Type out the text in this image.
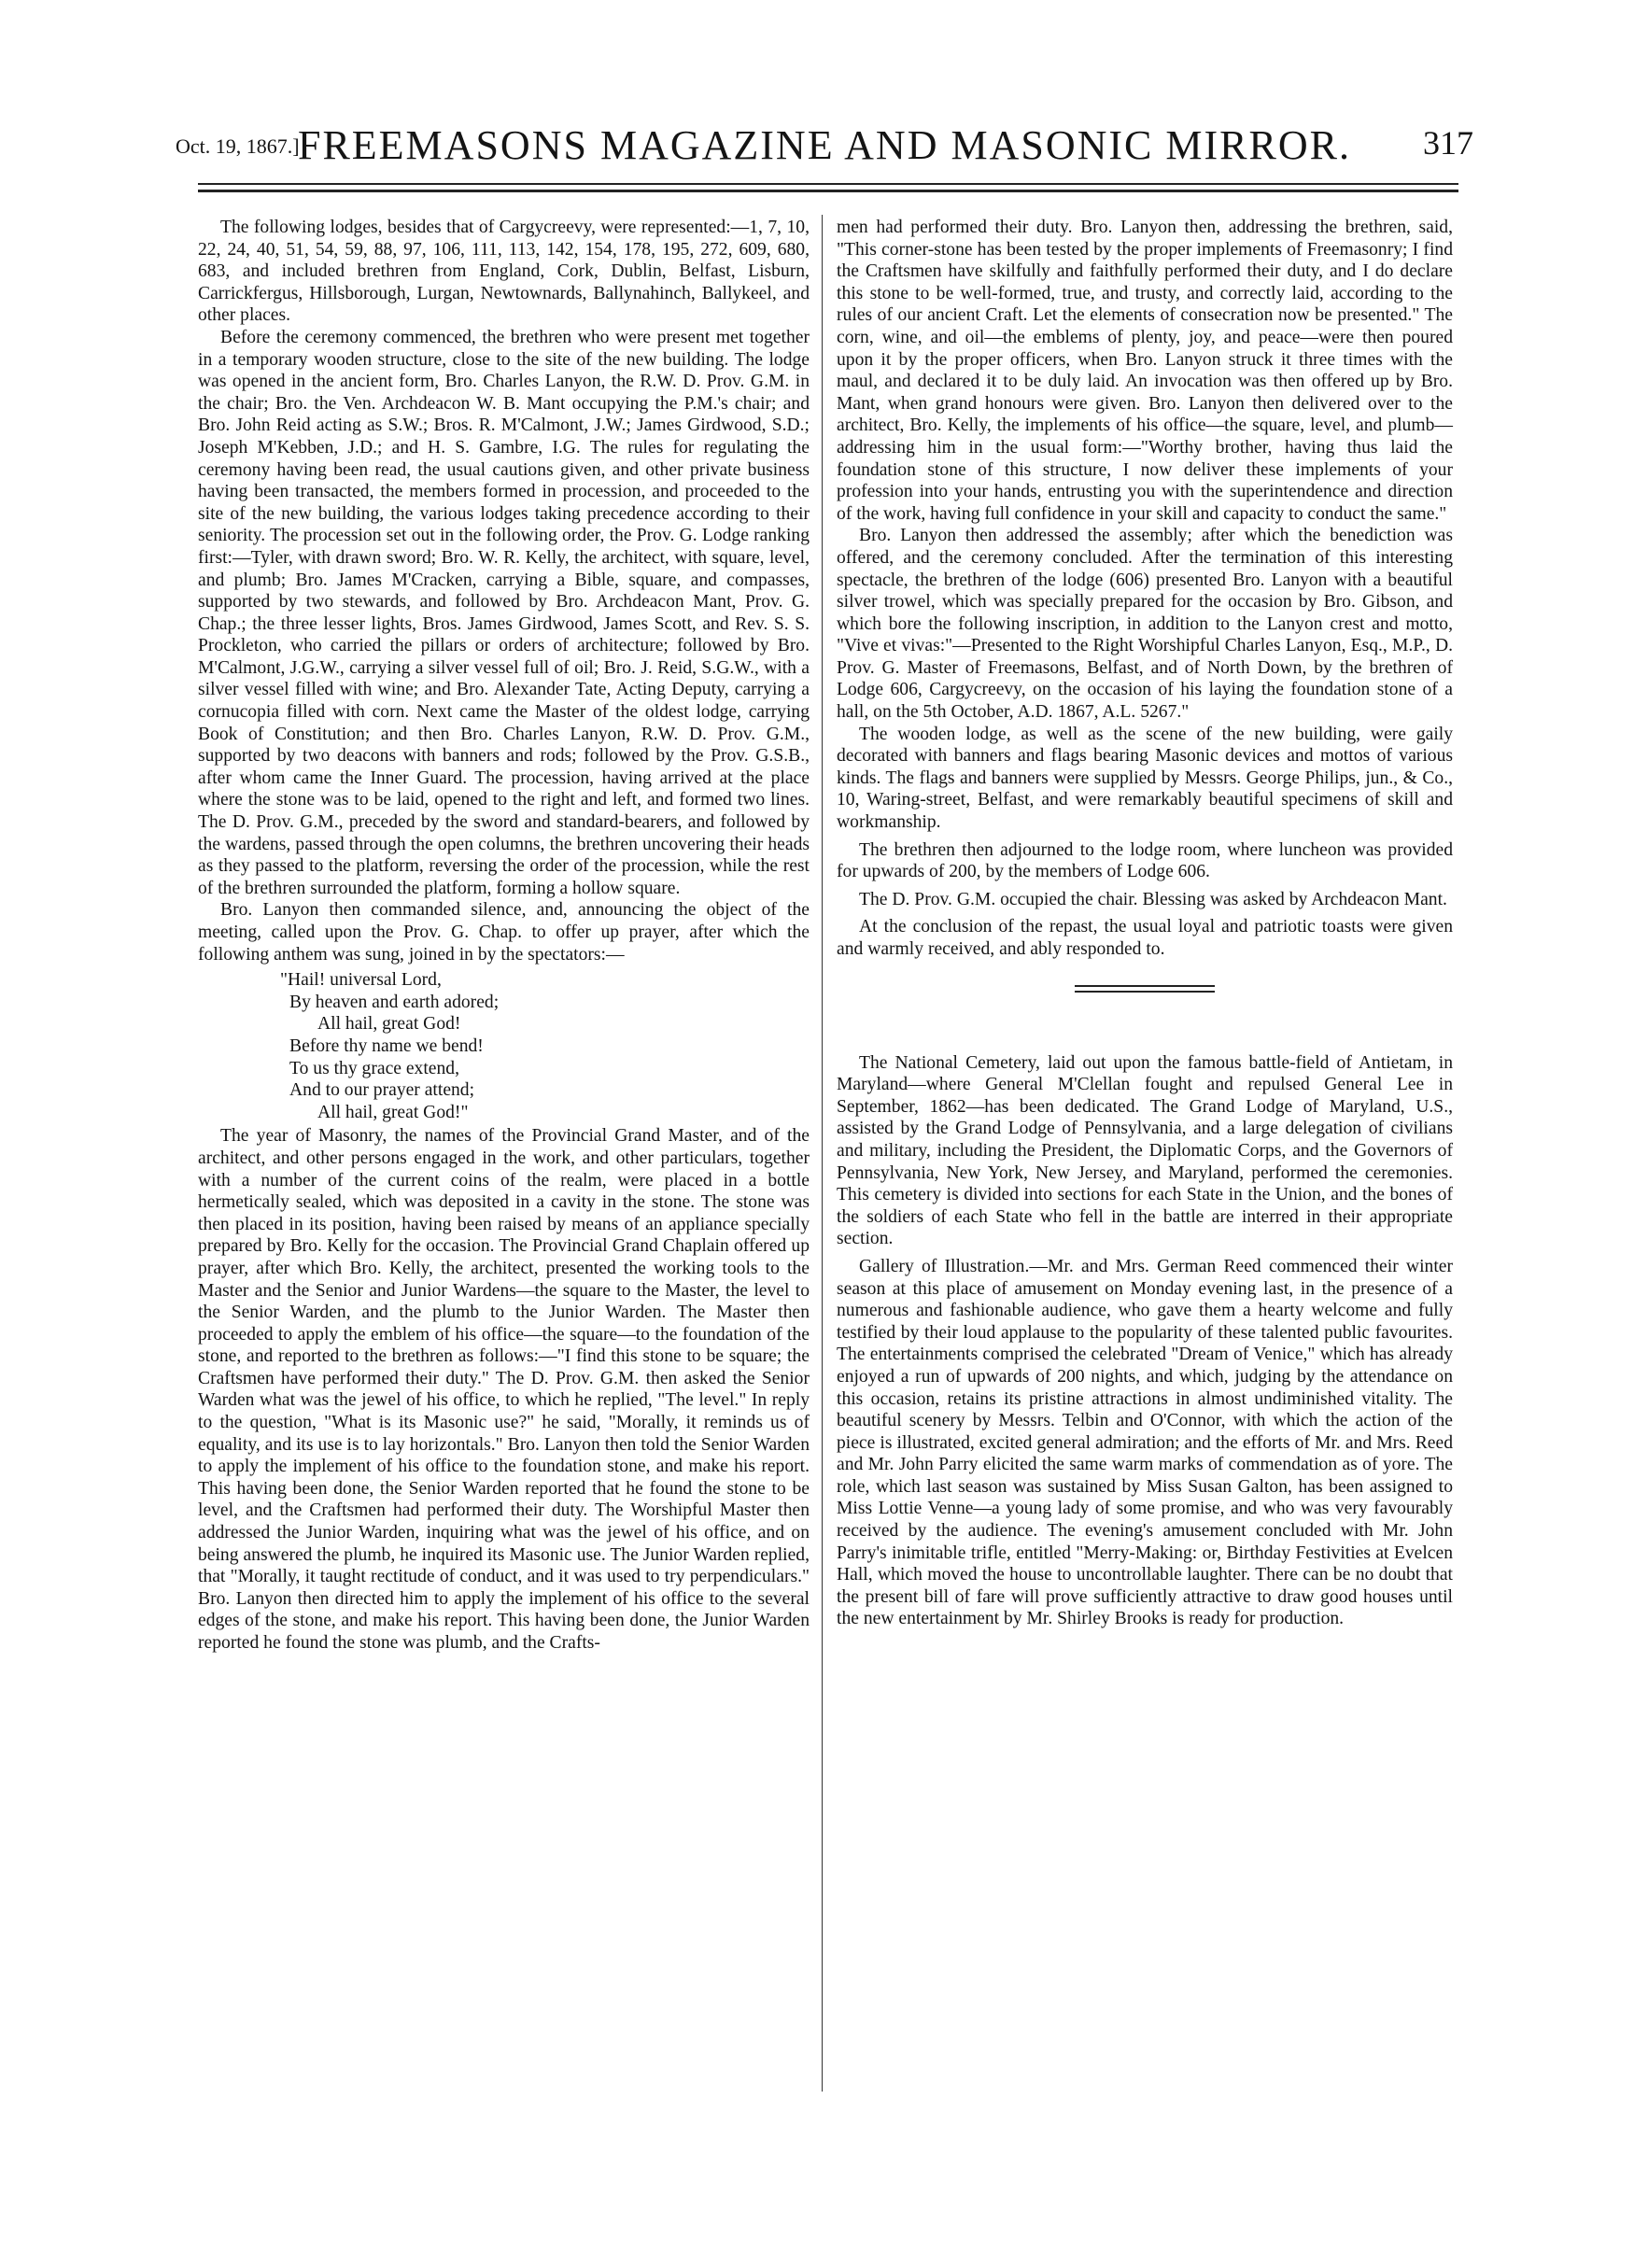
Oct. 19, 1867.]
FREEMASONS MAGAZINE AND MASONIC MIRROR.	317

The following lodges, besides that of Cargycreevy, were represented:—1, 7, 10, 22, 24, 40, 51, 54, 59, 88, 97, 106, 111, 113, 142, 154, 178, 195, 272, 609, 680, 683, and included brethren from England, Cork, Dublin, Belfast, Lisburn, Carrickfergus, Hillsborough, Lurgan, Newtownards, Ballynahinch, Ballykeel, and other places.

Before the ceremony commenced, the brethren who were present met together in a temporary wooden structure, close to the site of the new building. The lodge was opened in the ancient form, Bro. Charles Lanyon, the R.W. D. Prov. G.M. in the chair; Bro. the Ven. Archdeacon W. B. Mant occupying the P.M.'s chair; and Bro. John Reid acting as S.W.; Bros. R. M'Calmont, J.W.; James Girdwood, S.D.; Joseph M'Kebben, J.D.; and H. S. Gambre, I.G. The rules for regulating the ceremony having been read, the usual cautions given, and other private business having been transacted, the members formed in procession, and proceeded to the site of the new building, the various lodges taking precedence according to their seniority. The procession set out in the following order, the Prov. G. Lodge ranking first:—Tyler, with drawn sword; Bro. W. R. Kelly, the architect, with square, level, and plumb; Bro. James M'Cracken, carrying a Bible, square, and compasses, supported by two stewards, and followed by Bro. Archdeacon Mant, Prov. G. Chap.; the three lesser lights, Bros. James Girdwood, James Scott, and Rev. S. S. Prockleton, who carried the pillars or orders of architecture; followed by Bro. M'Calmont, J.G.W., carrying a silver vessel full of oil; Bro. J. Reid, S.G.W., with a silver vessel filled with wine; and Bro. Alexander Tate, Acting Deputy, carrying a cornucopia filled with corn. Next came the Master of the oldest lodge, carrying Book of Constitution; and then Bro. Charles Lanyon, R.W. D. Prov. G.M., supported by two deacons with banners and rods; followed by the Prov. G.S.B., after whom came the Inner Guard. The procession, having arrived at the place where the stone was to be laid, opened to the right and left, and formed two lines. The D. Prov. G.M., preceded by the sword and standard-bearers, and followed by the wardens, passed through the open columns, the brethren uncovering their heads as they passed to the platform, reversing the order of the procession, while the rest of the brethren surrounded the platform, forming a hollow square.

Bro. Lanyon then commanded silence, and, announcing the object of the meeting, called upon the Prov. G. Chap. to offer up prayer, after which the following anthem was sung, joined in by the spectators:—

"Hail! universal Lord,

By heaven and earth adored;

All hail, great God!

Before thy name we bend!

To us thy grace extend,

And to our prayer attend;

All hail, great God!"

The year of Masonry, the names of the Provincial Grand Master, and of the architect, and other persons engaged in the work, and other particulars, together with a number of the current coins of the realm, were placed in a bottle hermetically sealed, which was deposited in a cavity in the stone. The stone was then placed in its position, having been raised by means of an appliance specially prepared by Bro. Kelly for the occasion. The Provincial Grand Chaplain offered up prayer, after which Bro. Kelly, the architect, presented the working tools to the Master and the Senior and Junior Wardens—the square to the Master, the level to the Senior Warden, and the plumb to the Junior Warden. The Master then proceeded to apply the emblem of his office—the square—to the foundation of the stone, and reported to the brethren as follows:—"I find this stone to be square; the Craftsmen have performed their duty." The D. Prov. G.M. then asked the Senior Warden what was the jewel of his office, to which he replied, "The level." In reply to the question, "What is its Masonic use?" he said, "Morally, it reminds us of equality, and its use is to lay horizontals." Bro. Lanyon then told the Senior Warden to apply the implement of his office to the foundation stone, and make his report. This having been done, the Senior Warden reported that he found the stone to be level, and the Craftsmen had performed their duty. The Worshipful Master then addressed the Junior Warden, inquiring what was the jewel of his office, and on being answered the plumb, he inquired its Masonic use. The Junior Warden replied, that "Morally, it taught rectitude of conduct, and it was used to try perpendiculars." Bro. Lanyon then directed him to apply the implement of his office to the several edges of the stone, and make his report. This having been done, the Junior Warden reported he found the stone was plumb, and the Crafts-

men had performed their duty. Bro. Lanyon then, addressing the brethren, said, "This corner-stone has been tested by the proper implements of Freemasonry; I find the Craftsmen have skilfully and faithfully performed their duty, and I do declare this stone to be well-formed, true, and trusty, and correctly laid, according to the rules of our ancient Craft. Let the elements of consecration now be presented." The corn, wine, and oil—the emblems of plenty, joy, and peace—were then poured upon it by the proper officers, when Bro. Lanyon struck it three times with the maul, and declared it to be duly laid. An invocation was then offered up by Bro. Mant, when grand honours were given. Bro. Lanyon then delivered over to the architect, Bro. Kelly, the implements of his office—the square, level, and plumb—addressing him in the usual form:—"Worthy brother, having thus laid the foundation stone of this structure, I now deliver these implements of your profession into your hands, entrusting you with the superintendence and direction of the work, having full confidence in your skill and capacity to conduct the same."

Bro. Lanyon then addressed the assembly; after which the benediction was offered, and the ceremony concluded. After the termination of this interesting spectacle, the brethren of the lodge (606) presented Bro. Lanyon with a beautiful silver trowel, which was specially prepared for the occasion by Bro. Gibson, and which bore the following inscription, in addition to the Lanyon crest and motto, "Vive et vivas:"—Presented to the Right Worshipful Charles Lanyon, Esq., M.P., D. Prov. G. Master of Freemasons, Belfast, and of North Down, by the brethren of Lodge 606, Cargycreevy, on the occasion of his laying the foundation stone of a hall, on the 5th October, A.D. 1867, A.L. 5267."

The wooden lodge, as well as the scene of the new building, were gaily decorated with banners and flags bearing Masonic devices and mottos of various kinds. The flags and banners were supplied by Messrs. George Philips, jun., & Co., 10, Waring-street, Belfast, and were remarkably beautiful specimens of skill and workmanship.

The brethren then adjourned to the lodge room, where luncheon was provided for upwards of 200, by the members of Lodge 606.

The D. Prov. G.M. occupied the chair. Blessing was asked by Archdeacon Mant.

At the conclusion of the repast, the usual loyal and patriotic toasts were given and warmly received, and ably responded to.

The National Cemetery, laid out upon the famous battle-field of Antietam, in Maryland—where General M'Clellan fought and repulsed General Lee in September, 1862—has been dedicated. The Grand Lodge of Maryland, U.S., assisted by the Grand Lodge of Pennsylvania, and a large delegation of civilians and military, including the President, the Diplomatic Corps, and the Governors of Pennsylvania, New York, New Jersey, and Maryland, performed the ceremonies. This cemetery is divided into sections for each State in the Union, and the bones of the soldiers of each State who fell in the battle are interred in their appropriate section.

Gallery of Illustration.—Mr. and Mrs. German Reed commenced their winter season at this place of amusement on Monday evening last, in the presence of a numerous and fashionable audience, who gave them a hearty welcome and fully testified by their loud applause to the popularity of these talented public favourites. The entertainments comprised the celebrated "Dream of Venice," which has already enjoyed a run of upwards of 200 nights, and which, judging by the attendance on this occasion, retains its pristine attractions in almost undiminished vitality. The beautiful scenery by Messrs. Telbin and O'Connor, with which the action of the piece is illustrated, excited general admiration; and the efforts of Mr. and Mrs. Reed and Mr. John Parry elicited the same warm marks of commendation as of yore. The role, which last season was sustained by Miss Susan Galton, has been assigned to Miss Lottie Venne—a young lady of some promise, and who was very favourably received by the audience. The evening's amusement concluded with Mr. John Parry's inimitable trifle, entitled "Merry-Making: or, Birthday Festivities at Evelcen Hall, which moved the house to uncontrollable laughter. There can be no doubt that the present bill of fare will prove sufficiently attractive to draw good houses until the new entertainment by Mr. Shirley Brooks is ready for production.
